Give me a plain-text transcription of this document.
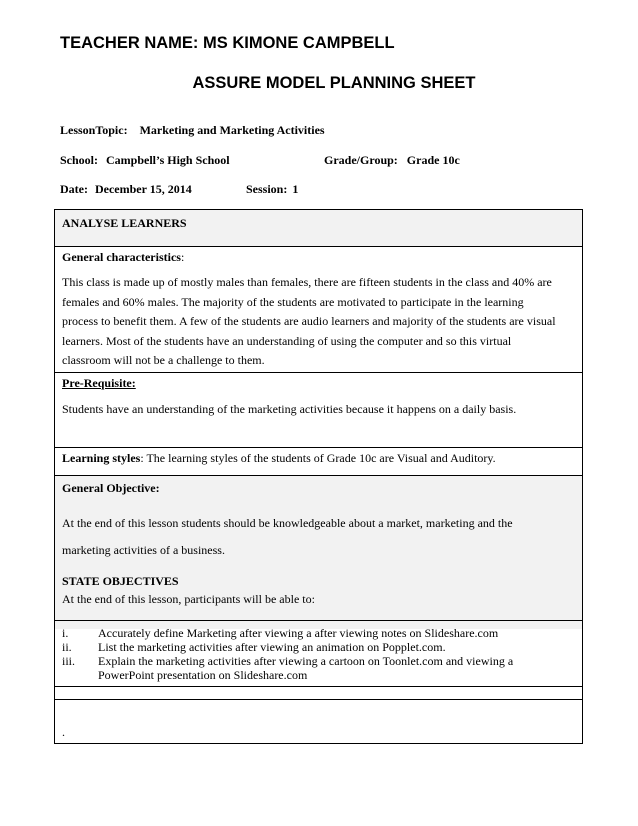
TEACHER NAME: MS KIMONE CAMPBELL
ASSURE MODEL PLANNING SHEET
LessonTopic: Marketing and Marketing Activities
School: Campbell’s High School	Grade/Group: Grade 10c
Date: December 15, 2014	Session: 1
ANALYSE LEARNERS
General characteristics:
This class is made up of mostly males than females, there are fifteen students in the class and 40% are
females and 60% males. The majority of the students are motivated to participate in the learning
process to benefit them. A few of the students are audio learners and majority of the students are visual
learners. Most of the students have an understanding of using the computer and so this virtual
classroom will not be a challenge to them.
Pre-Requisite:
Students have an understanding of the marketing activities because it happens on a daily basis.
Learning styles: The learning styles of the students of Grade 10c are Visual and Auditory.
General Objective:
At the end of this lesson students should be knowledgeable about a market, marketing and the
marketing activities of a business.
STATE OBJECTIVES
At the end of this lesson, participants will be able to:
i. Accurately define Marketing after viewing a after viewing notes on Slideshare.com
ii. List the marketing activities after viewing an animation on Popplet.com.
iii. Explain the marketing activities after viewing a cartoon on Toonlet.com and viewing a
PowerPoint presentation on Slideshare.com
.
